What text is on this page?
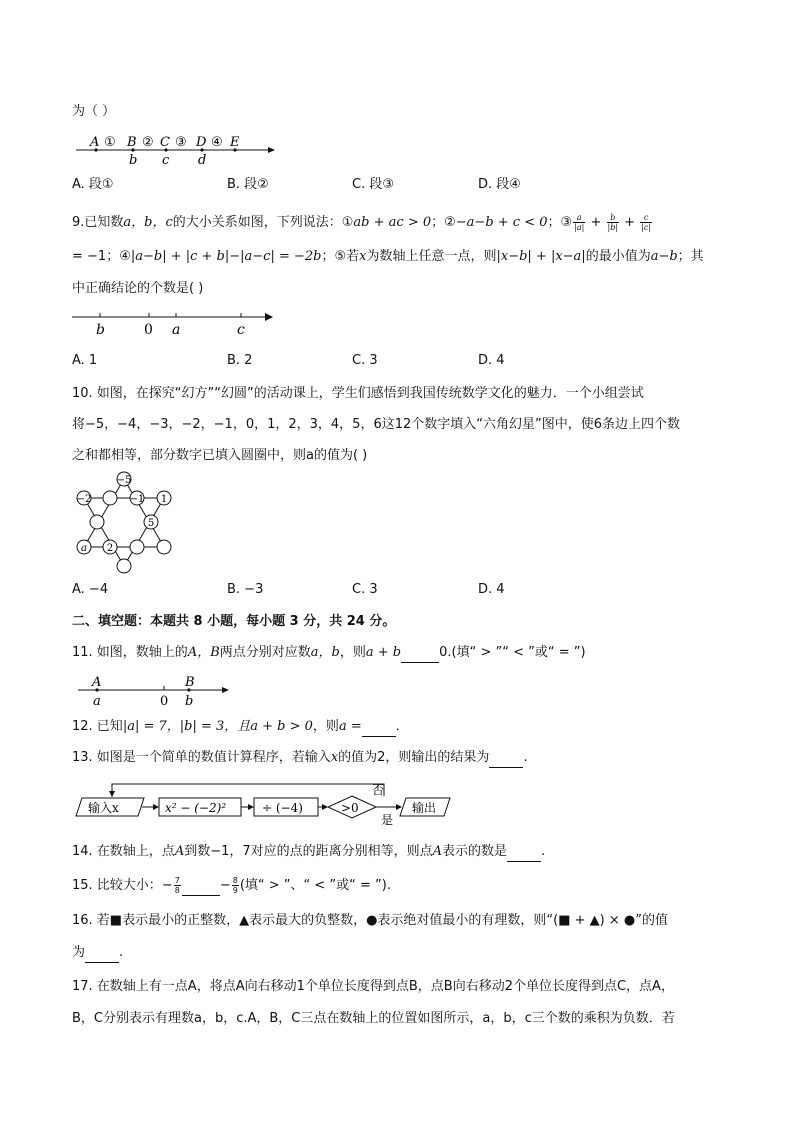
为（ ）
A ① B ② C ③ D ④ E
b c d
A. 段①	B. 段②	C. 段③	D. 段④
9.已知数a，b，c的大小关系如图，下列说法：①ab + ac > 0；②−a−b + c < 0；③ $\frac{a}{|a|} + \frac{b}{|b|} + \frac{c}{|c|}$
= −1；④|a−b| + |c + b|−|a−c| = −2b；⑤若x为数轴上任意一点，则|x−b| + |x−a|的最小值为a−b；其
中正确结论的个数是( )
b	0 a	c
A. 1	B. 2	C. 3	D. 4
10. 如图，在探究“幻方”“幻圆”的活动课上，学生们感悟到我国传统数学文化的魅力．一个小组尝试
将−5，−4，−3，−2，−1，0，1，2，3，4，5，6这12个数字填入“六角幻星”图中，使6条边上四个数
之和都相等，部分数字已填入圆圈中，则a的值为( )
−5
−2	−1 1
5
a 2
A. −4	B. −3	C. 3	D. 4
二、填空题：本题共 8 小题，每小题 3 分，共 24 分。
11. 如图，数轴上的A，B两点分别对应数a，b，则a + b	0.(填“ > ”“ < ”或“ = ”)
A	B
a	0 b
12. 已知|a| = 7，|b| = 3，且a + b > 0，则a =	．
13. 如图是一个简单的数值计算程序，若输入x的值为2，则输出的结果为	.
输入x	x² − (−2)²	÷ (−4)	>0	输出
否
是
14. 在数轴上，点A到数−1，7对应的点的距离分别相等，则点A表示的数是	.
15. 比较大小：− $\frac{7}{8}$	− $\frac{8}{9}$ (填“ > ”、“ < ”或“ = ”).
16. 若■表示最小的正整数，▲表示最大的负整数，●表示绝对值最小的有理数，则“(■ + ▲) × ●”的值
为	.
17. 在数轴上有一点A，将点A向右移动1个单位长度得到点B，点B向右移动2个单位长度得到点C，点A，
B，C分别表示有理数a，b，c.A，B，C三点在数轴上的位置如图所示，a，b，c三个数的乘积为负数．若
